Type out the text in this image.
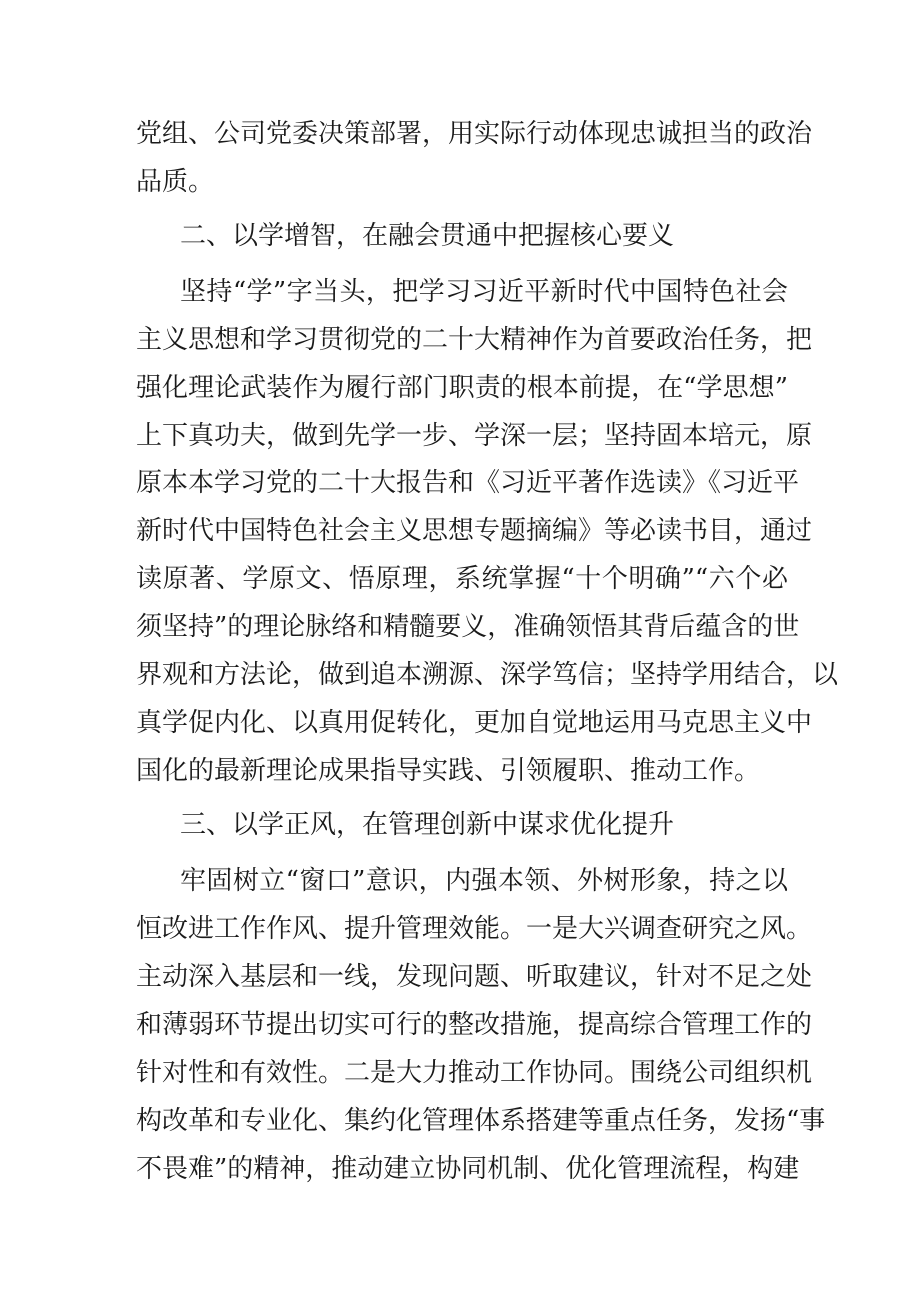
党组、公司党委决策部署，用实际行动体现忠诚担当的政治
品质。
二、以学增智，在融会贯通中把握核心要义
坚持“学”字当头，把学习习近平新时代中国特色社会
主义思想和学习贯彻党的二十大精神作为首要政治任务，把
强化理论武装作为履行部门职责的根本前提，在“学思想”
上下真功夫，做到先学一步、学深一层；坚持固本培元，原
原本本学习党的二十大报告和《习近平著作选读》《习近平
新时代中国特色社会主义思想专题摘编》等必读书目，通过
读原著、学原文、悟原理，系统掌握“十个明确”“六个必
须坚持”的理论脉络和精髓要义，准确领悟其背后蕴含的世
界观和方法论，做到追本溯源、深学笃信；坚持学用结合，以
真学促内化、以真用促转化，更加自觉地运用马克思主义中
国化的最新理论成果指导实践、引领履职、推动工作。
三、以学正风，在管理创新中谋求优化提升
牢固树立“窗口”意识，内强本领、外树形象，持之以
恒改进工作作风、提升管理效能。一是大兴调查研究之风。
主动深入基层和一线，发现问题、听取建议，针对不足之处
和薄弱环节提出切实可行的整改措施，提高综合管理工作的
针对性和有效性。二是大力推动工作协同。围绕公司组织机
构改革和专业化、集约化管理体系搭建等重点任务，发扬“事
不畏难”的精神，推动建立协同机制、优化管理流程，构建
